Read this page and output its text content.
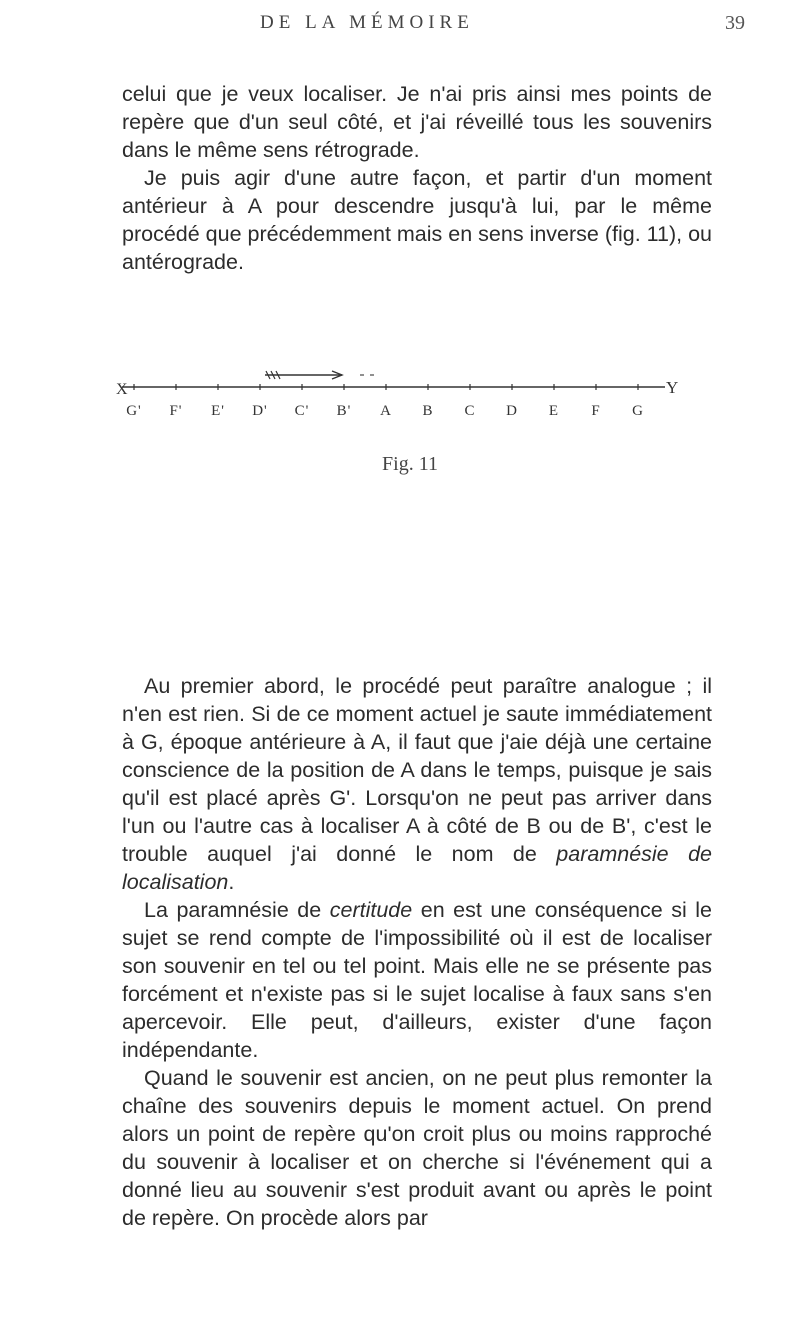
DE LA MÉMOIRE	39

celui que je veux localiser. Je n'ai pris ainsi mes points de repère que d'un seul côté, et j'ai réveillé tous les souvenirs dans le même sens rétrograde.

Je puis agir d'une autre façon, et partir d'un moment antérieur à A pour descendre jusqu'à lui, par le même procédé que précédemment mais en sens inverse (fig. 11), ou antérograde.

X	Y
G' F' E' D' C' B' A B C D E F G
Fig. 11

Au premier abord, le procédé peut paraître analogue ; il n'en est rien. Si de ce moment actuel je saute immédiatement à G, époque antérieure à A, il faut que j'aie déjà une certaine conscience de la position de A dans le temps, puisque je sais qu'il est placé après G'. Lorsqu'on ne peut pas arriver dans l'un ou l'autre cas à localiser A à côté de B ou de B', c'est le trouble auquel j'ai donné le nom de paramnésie de localisation.

La paramnésie de certitude en est une conséquence si le sujet se rend compte de l'impossibilité où il est de localiser son souvenir en tel ou tel point. Mais elle ne se présente pas forcément et n'existe pas si le sujet localise à faux sans s'en apercevoir. Elle peut, d'ailleurs, exister d'une façon indépendante.

Quand le souvenir est ancien, on ne peut plus remonter la chaîne des souvenirs depuis le moment actuel. On prend alors un point de repère qu'on croit plus ou moins rapproché du souvenir à localiser et on cherche si l'événement qui a donné lieu au souvenir s'est produit avant ou après le point de repère. On procède alors par
